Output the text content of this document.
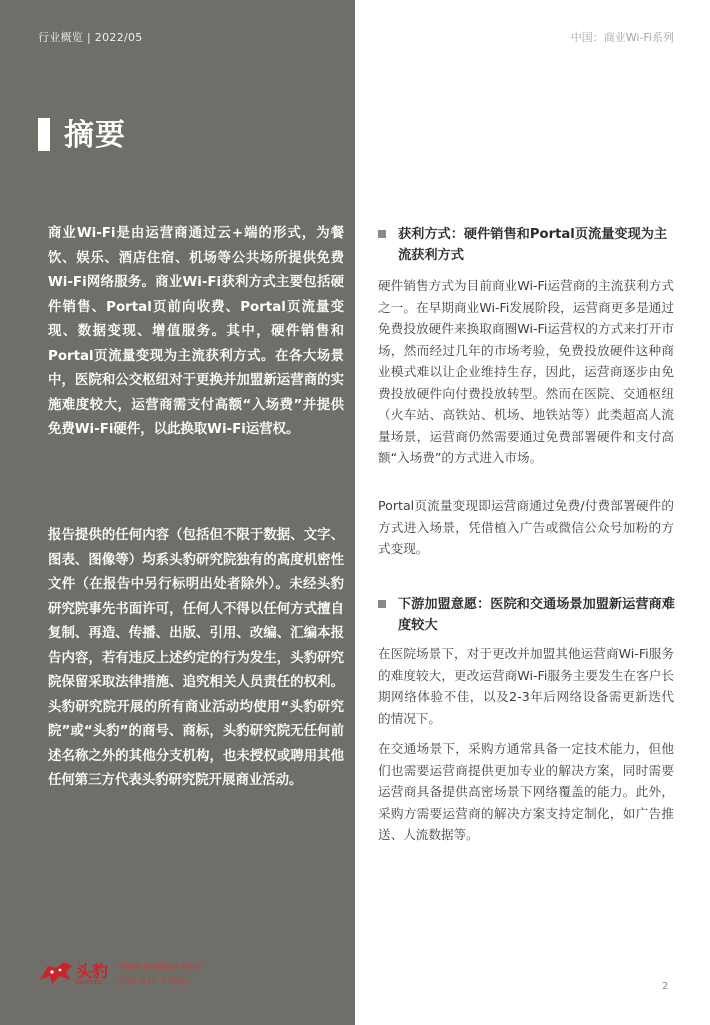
行业概览 | 2022/05
摘要

商业Wi-Fi是由运营商通过云+端的形式，为餐饮、娱乐、酒店住宿、机场等公共场所提供免费Wi-Fi网络服务。商业Wi-Fi获利方式主要包括硬件销售、Portal页前向收费、Portal页流量变现、数据变现、增值服务。其中，硬件销售和Portal页流量变现为主流获利方式。在各大场景中，医院和公交枢纽对于更换并加盟新运营商的实施难度较大，运营商需支付高额“入场费”并提供免费Wi-Fi硬件，以此换取Wi-Fi运营权。

报告提供的任何内容（包括但不限于数据、文字、图表、图像等）均系头豹研究院独有的高度机密性文件（在报告中另行标明出处者除外）。未经头豹研究院事先书面许可，任何人不得以任何方式擅自复制、再造、传播、出版、引用、改编、汇编本报告内容，若有违反上述约定的行为发生，头豹研究院保留采取法律措施、追究相关人员责任的权利。头豹研究院开展的所有商业活动均使用“头豹研究院”或“头豹”的商号、商标，头豹研究院无任何前述名称之外的其他分支机构，也未授权或聘用其他任何第三方代表头豹研究院开展商业活动。

头豹
LEADLEO
www.leadleo.com
400-072-5588
中国：商业Wi-Fi系列
获利方式：硬件销售和Portal页流量变现为主流获利方式

硬件销售方式为目前商业Wi-Fi运营商的主流获利方式之一。在早期商业Wi-Fi发展阶段，运营商更多是通过免费投放硬件来换取商圈Wi-Fi运营权的方式来打开市场，然而经过几年的市场考验，免费投放硬件这种商业模式难以让企业维持生存，因此，运营商逐步由免费投放硬件向付费投放转型。然而在医院、交通枢纽（火车站、高铁站、机场、地铁站等）此类超高人流量场景，运营商仍然需要通过免费部署硬件和支付高额“入场费”的方式进入市场。

Portal页流量变现即运营商通过免费/付费部署硬件的方式进入场景，凭借植入广告或微信公众号加粉的方式变现。

下游加盟意愿：医院和交通场景加盟新运营商难度较大

在医院场景下，对于更改并加盟其他运营商Wi-Fi服务的难度较大，更改运营商Wi-Fi服务主要发生在客户长期网络体验不佳，以及2-3年后网络设备需更新迭代的情况下。

在交通场景下，采购方通常具备一定技术能力，但他们也需要运营商提供更加专业的解决方案，同时需要运营商具备提供高密场景下网络覆盖的能力。此外，采购方需要运营商的解决方案支持定制化，如广告推送、人流数据等。

2
